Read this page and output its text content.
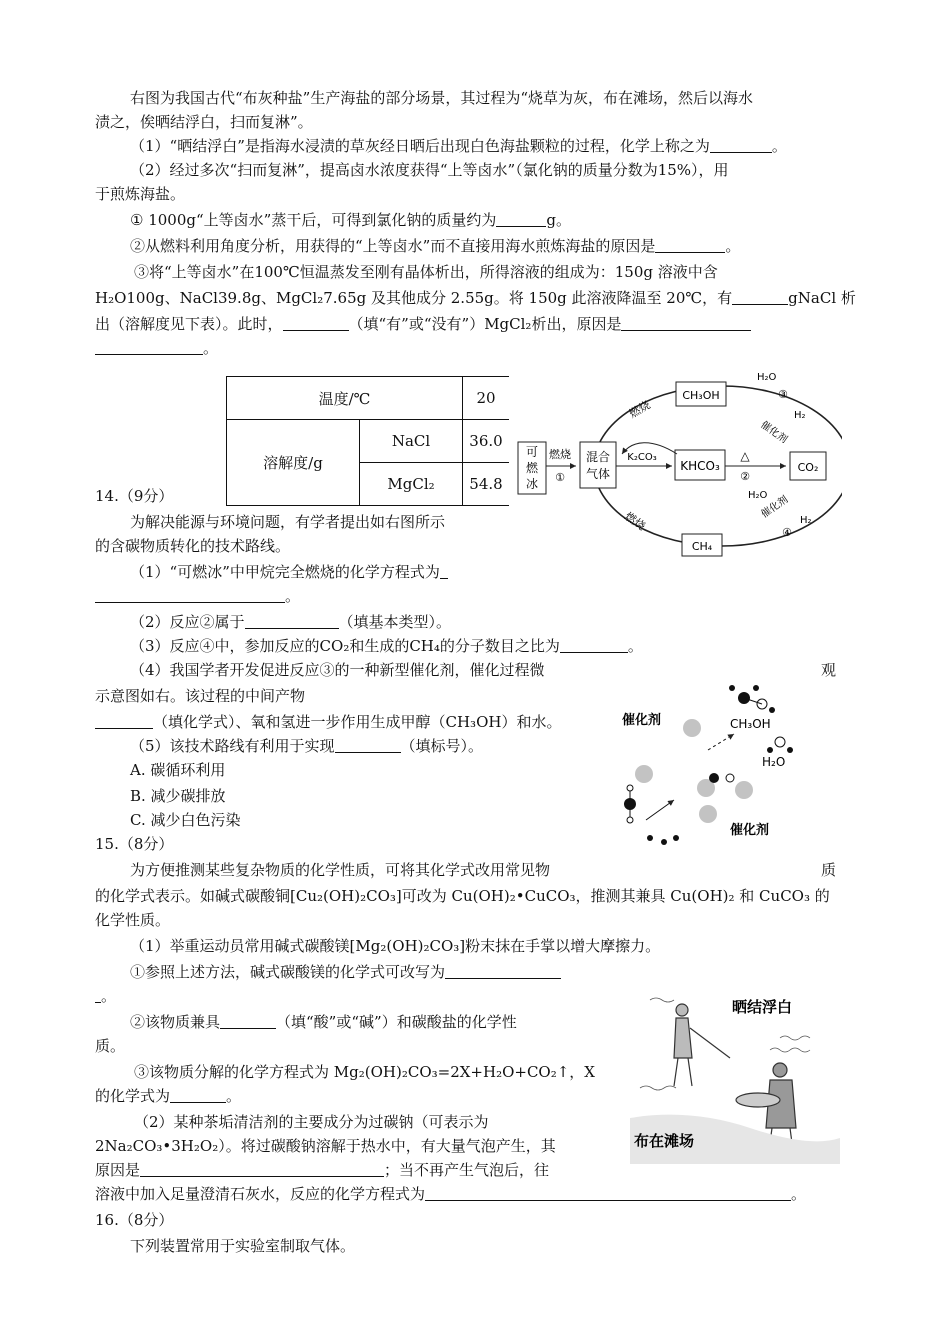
右图为我国古代“布灰种盐”生产海盐的部分场景，其过程为“烧草为灰，布在滩场，然后以海水
渍之，俟晒结浮白，扫而复淋”。
（1）“晒结浮白”是指海水浸渍的草灰经日晒后出现白色海盐颗粒的过程，化学上称之为	。
（2）经过多次“扫而复淋”，提高卤水浓度获得“上等卤水”（氯化钠的质量分数为15%），用
于煎炼海盐。
① 1000g“上等卤水”蒸干后，可得到氯化钠的质量约为	g。
②从燃料利用角度分析，用获得的“上等卤水”而不直接用海水煎炼海盐的原因是	。
③将“上等卤水”在100℃恒温蒸发至刚有晶体析出，所得溶液的组成为：150g 溶液中含
H₂O100g、NaCl39.8g、MgCl₂7.65g 及其他成分 2.55g。将 150g 此溶液降温至 20℃，有	gNaCl 析
出（溶解度见下表）。此时，	（填“有”或“没有”）MgCl₂析出，原因是
。
温度/℃		20
溶解度/g	NaCl	36.0
	MgCl₂	54.8
可
燃
冰
燃烧
①
混合
气体
K₂CO₃
KHCO₃
△
②
CO₂
CH₃OH
CH₄
燃烧
燃烧
H₂O
③
催化剂
H₂
H₂O
催化剂
H₂
④
14.（9分）
为解决能源与环境问题，有学者提出如右图所示
的含碳物质转化的技术路线。
（1）“可燃冰”中甲烷完全燃烧的化学方程式为
。
（2）反应②属于	（填基本类型）。
（3）反应④中，参加反应的CO₂和生成的CH₄的分子数目之比为	。
（4）我国学者开发促进反应③的一种新型催化剂，催化过程微	观
示意图如右。该过程的中间产物
（填化学式）、氧和氢进一步作用生成甲醇（CH₃OH）和水。
（5）该技术路线有利用于实现	（填标号）。
A. 碳循环利用
B. 减少碳排放
C. 减少白色污染
催化剂	CH₃OH
H₂O
催化剂
15.（8分）
为方便推测某些复杂物质的化学性质，可将其化学式改用常见物	质
的化学式表示。如碱式碳酸铜[Cu₂(OH)₂CO₃]可改为 Cu(OH)₂•CuCO₃，推测其兼具 Cu(OH)₂ 和 CuCO₃ 的
化学性质。
（1）举重运动员常用碱式碳酸镁[Mg₂(OH)₂CO₃]粉末抹在手掌以增大摩擦力。
①参照上述方法，碱式碳酸镁的化学式可改写为
。
②该物质兼具	（填“酸”或“碱”）和碳酸盐的化学性
质。
③该物质分解的化学方程式为 Mg₂(OH)₂CO₃=2X+H₂O+CO₂↑，X
的化学式为	。
（2）某种茶垢清洁剂的主要成分为过碳钠（可表示为
2Na₂CO₃•3H₂O₂）。将过碳酸钠溶解于热水中，有大量气泡产生，其
原因是	；当不再产生气泡后，往
溶液中加入足量澄清石灰水，反应的化学方程式为	。
晒结浮白
布在滩场
16.（8分）
下列装置常用于实验室制取气体。
